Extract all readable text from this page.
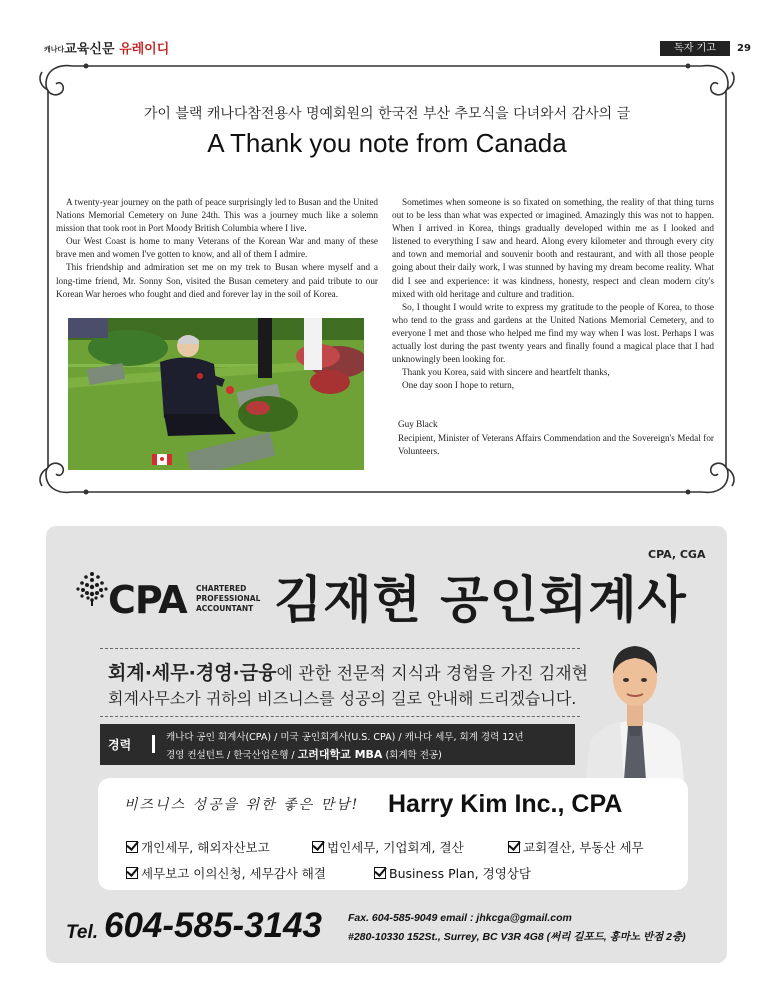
캐나다교육신문 유레이디	독자 기고	29
가이 블랙 캐나다참전용사 명예회원의 한국전 부산 추모식을 다녀와서 감사의 글
A Thank you note from Canada

A twenty-year journey on the path of peace surprisingly led to Busan and the United Nations Memorial Cemetery on June 24th. This was a journey much like a solemn mission that took root in Port Moody British Columbia where I live.

Our West Coast is home to many Veterans of the Korean War and many of these brave men and women I've gotten to know, and all of them I admire.

This friendship and admiration set me on my trek to Busan where myself and a long-time friend, Mr. Sonny Son, visited the Busan cemetery and paid tribute to our Korean War heroes who fought and died and forever lay in the soil of Korea.

Sometimes when someone is so fixated on something, the reality of that thing turns out to be less than what was expected or imagined. Amazingly this was not to happen. When I arrived in Korea, things gradually developed within me as I looked and listened to everything I saw and heard. Along every kilometer and through every city and town and memorial and souvenir booth and restaurant, and with all those people going about their daily work, I was stunned by having my dream become reality. What did I see and experience: it was kindness, honesty, respect and clean modern city's mixed with old heritage and culture and tradition.

So, I thought I would write to express my gratitude to the people of Korea, to those who tend to the grass and gardens at the United Nations Memorial Cemetery, and to everyone I met and those who helped me find my way when I was lost. Perhaps I was actually lost during the past twenty years and finally found a magical place that I had unknowingly been looking for.

Thank you Korea, said with sincere and heartfelt thanks,

One day soon I hope to return,

Guy Black

Recipient, Minister of Veterans Affairs Commendation and the Sovereign's Medal for Volunteers.

CPA, CGA
CPA CHARTERED
PROFESSIONAL
ACCOUNTANT 김재현 공인회계사
회계·세무·경영·금융에 관한 전문적 지식과 경험을 가진 김재현
회계사무소가 귀하의 비즈니스를 성공의 길로 안내해 드리겠습니다.
경력
캐나다 공인 회계사(CPA) / 미국 공인회계사(U.S. CPA) / 캐나다 세무, 회계 경력 12년
경영 컨설턴트 / 한국산업은행 / 고려대학교 MBA (회계학 전공)
비즈니스 성공을 위한 좋은 만남! Harry Kim Inc., CPA
개인세무, 해외자산보고	법인세무, 기업회계, 결산	교회결산, 부동산 세무
세무보고 이의신청, 세무감사 해결	Business Plan, 경영상담
Tel. 604-585-3143 Fax. 604-585-9049 email : jhkcga@gmail.com
#280-10330 152St., Surrey, BC V3R 4G8 (써리 길포드, 홍마노 반점 2층)
